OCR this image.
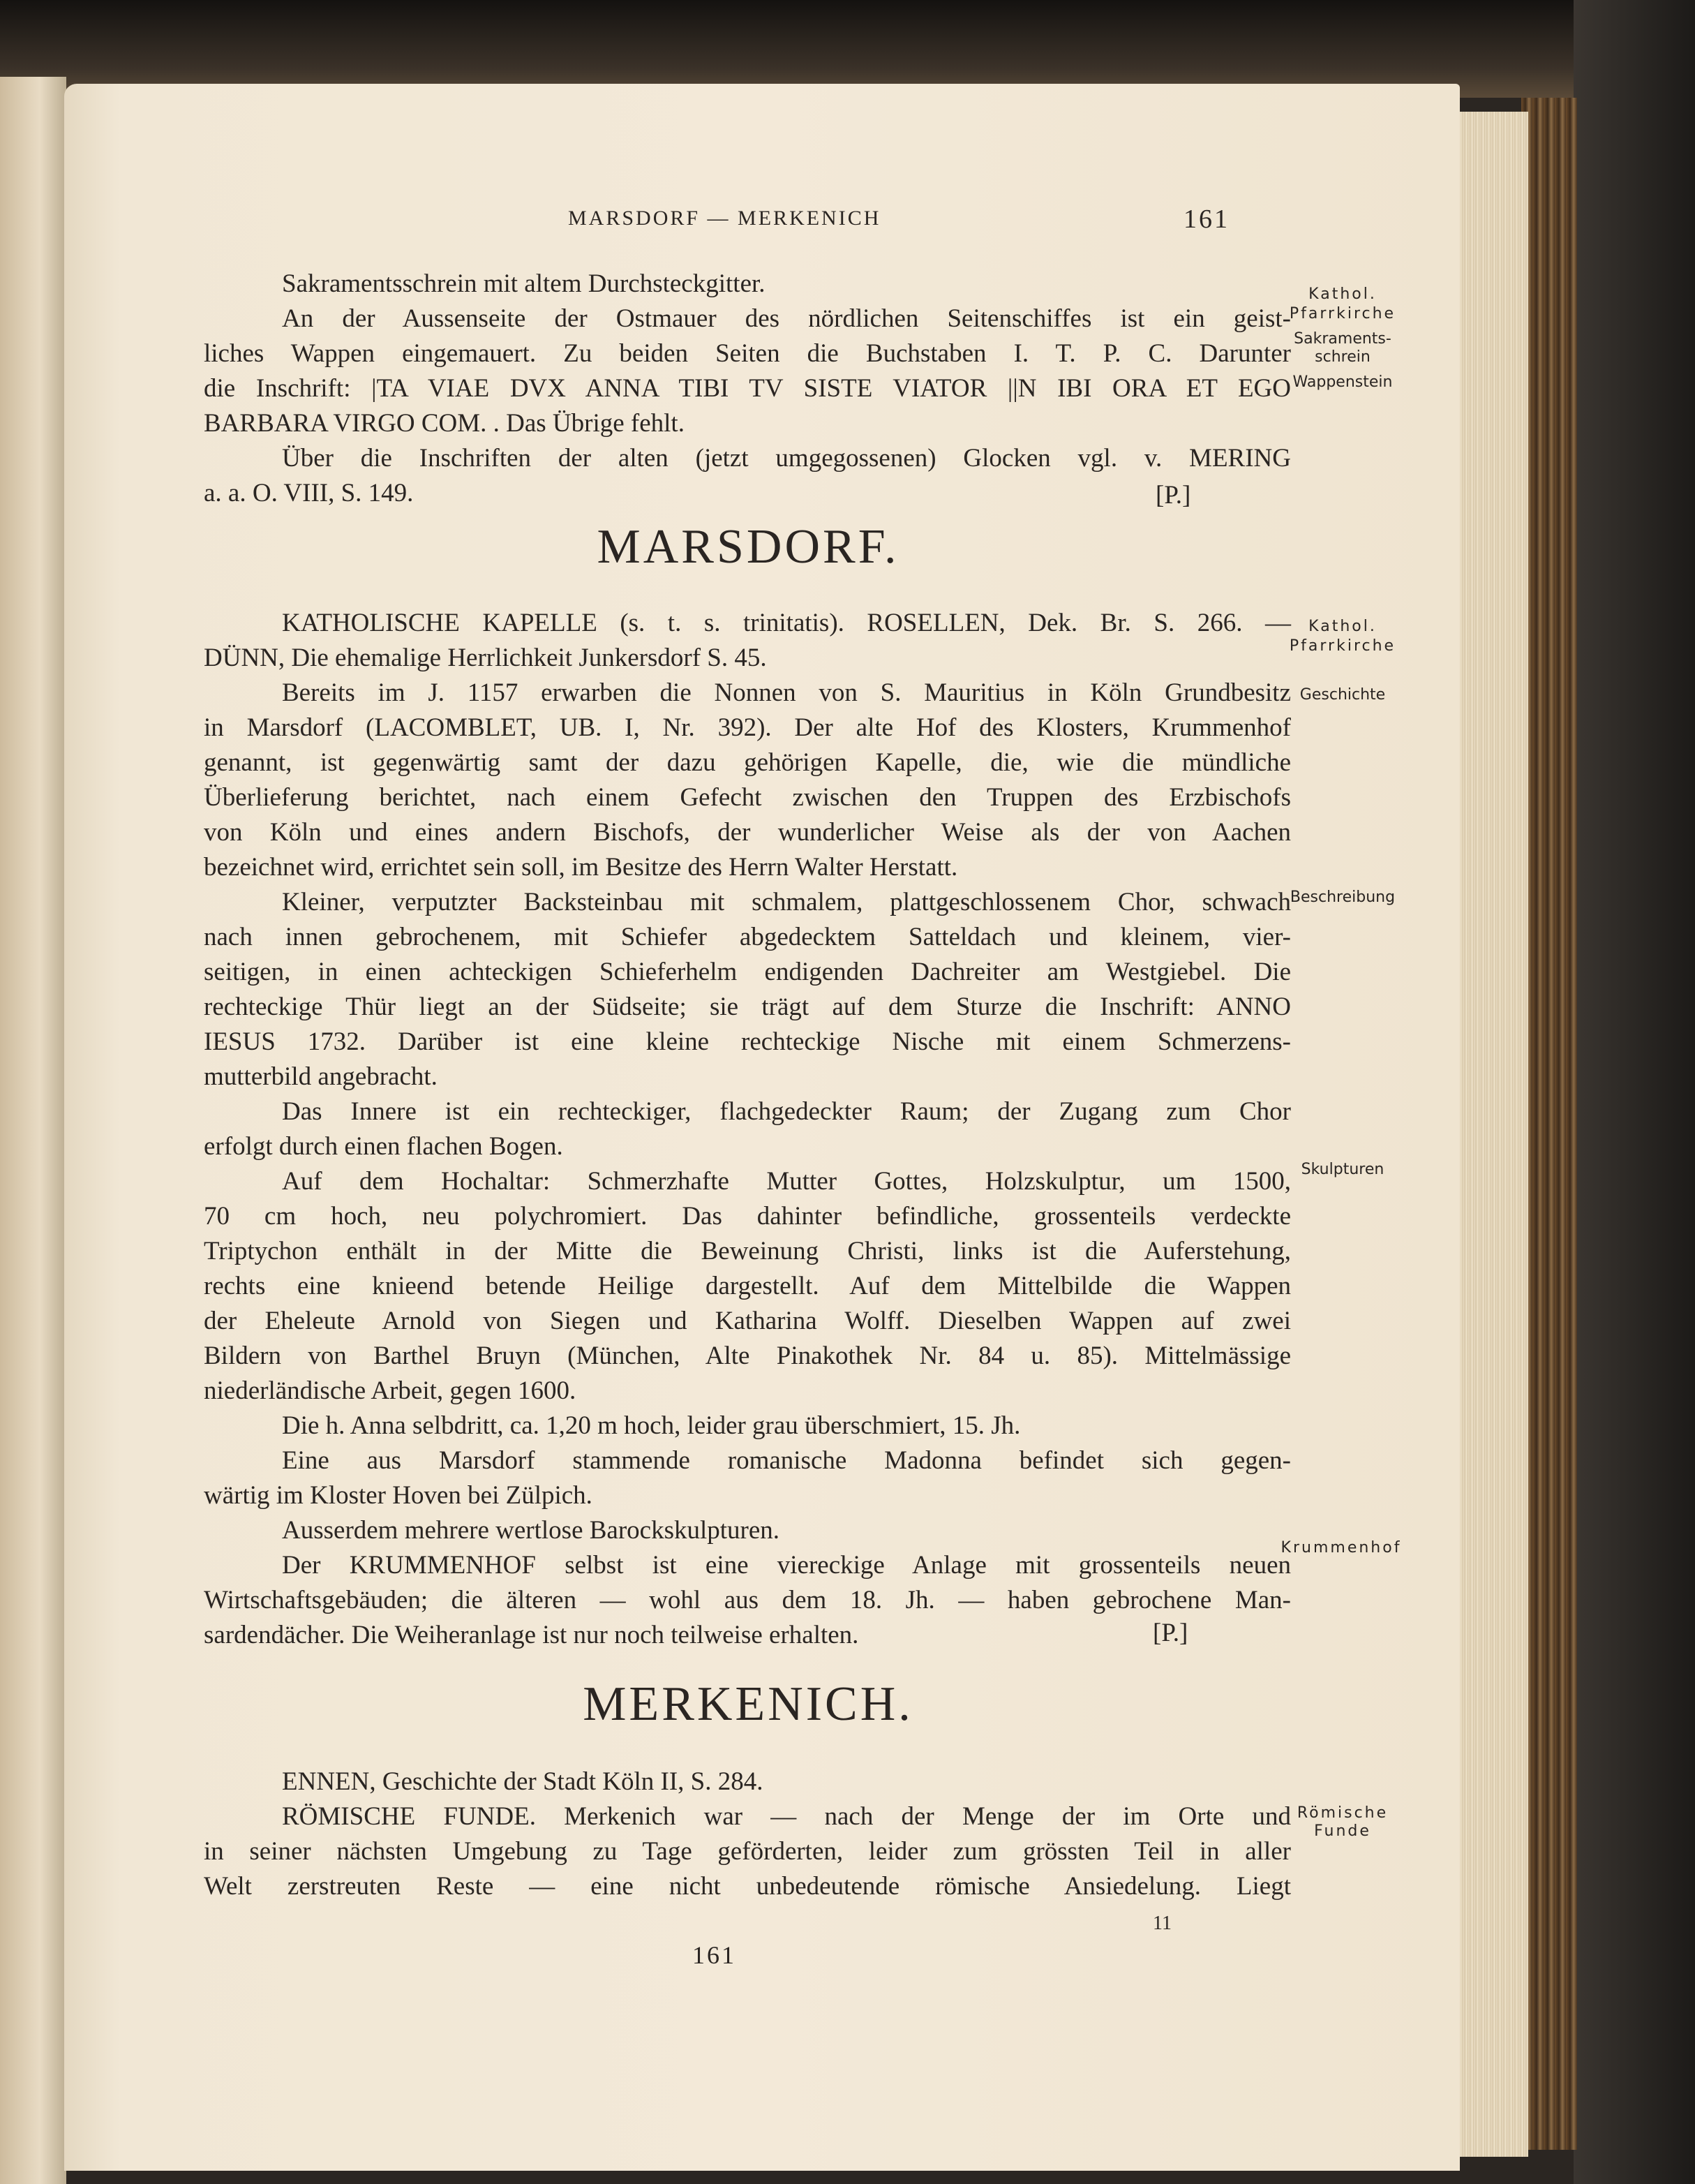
MARSDORF — MERKENICH	161
Sakramentsschrein mit altem Durchsteckgitter.
An der Aussenseite der Ostmauer des nördlichen Seitenschiffes ist ein geist-
liches Wappen eingemauert. Zu beiden Seiten die Buchstaben I. T. P. C. Darunter
die Inschrift: |TA VIAE DVX ANNA TIBI TV SISTE VIATOR ||N IBI ORA ET EGO
BARBARA VIRGO COM. . Das Übrige fehlt.
Über die Inschriften der alten (jetzt umgegossenen) Glocken vgl. v. MERING
a. a. O. VIII, S. 149.	[P.]
MARSDORF.
KATHOLISCHE KAPELLE (s. t. s. trinitatis). ROSELLEN, Dek. Br. S. 266. —
DÜNN, Die ehemalige Herrlichkeit Junkersdorf S. 45.
Bereits im J. 1157 erwarben die Nonnen von S. Mauritius in Köln Grundbesitz
in Marsdorf (LACOMBLET, UB. I, Nr. 392). Der alte Hof des Klosters, Krummenhof
genannt, ist gegenwärtig samt der dazu gehörigen Kapelle, die, wie die mündliche
Überlieferung berichtet, nach einem Gefecht zwischen den Truppen des Erzbischofs
von Köln und eines andern Bischofs, der wunderlicher Weise als der von Aachen
bezeichnet wird, errichtet sein soll, im Besitze des Herrn Walter Herstatt.
Kleiner, verputzter Backsteinbau mit schmalem, plattgeschlossenem Chor, schwach
nach innen gebrochenem, mit Schiefer abgedecktem Satteldach und kleinem, vier-
seitigen, in einen achteckigen Schieferhelm endigenden Dachreiter am Westgiebel. Die
rechteckige Thür liegt an der Südseite; sie trägt auf dem Sturze die Inschrift: ANNO
IESUS 1732. Darüber ist eine kleine rechteckige Nische mit einem Schmerzens-
mutterbild angebracht.
Das Innere ist ein rechteckiger, flachgedeckter Raum; der Zugang zum Chor
erfolgt durch einen flachen Bogen.
Auf dem Hochaltar: Schmerzhafte Mutter Gottes, Holzskulptur, um 1500,
70 cm hoch, neu polychromiert. Das dahinter befindliche, grossenteils verdeckte
Triptychon enthält in der Mitte die Beweinung Christi, links ist die Auferstehung,
rechts eine knieend betende Heilige dargestellt. Auf dem Mittelbilde die Wappen
der Eheleute Arnold von Siegen und Katharina Wolff. Dieselben Wappen auf zwei
Bildern von Barthel Bruyn (München, Alte Pinakothek Nr. 84 u. 85). Mittelmässige
niederländische Arbeit, gegen 1600.
Die h. Anna selbdritt, ca. 1,20 m hoch, leider grau überschmiert, 15. Jh.
Eine aus Marsdorf stammende romanische Madonna befindet sich gegen-
wärtig im Kloster Hoven bei Zülpich.
Ausserdem mehrere wertlose Barockskulpturen.
Der KRUMMENHOF selbst ist eine viereckige Anlage mit grossenteils neuen
Wirtschaftsgebäuden; die älteren — wohl aus dem 18. Jh. — haben gebrochene Man-
sardendächer. Die Weiheranlage ist nur noch teilweise erhalten.	[P.]
MERKENICH.
ENNEN, Geschichte der Stadt Köln II, S. 284.
RÖMISCHE FUNDE. Merkenich war — nach der Menge der im Orte und
in seiner nächsten Umgebung zu Tage geförderten, leider zum grössten Teil in aller
Welt zerstreuten Reste — eine nicht unbedeutende römische Ansiedelung. Liegt
11
161
Kathol.
Pfarrkirche
Sakraments-
schrein
Wappenstein
Kathol.
Pfarrkirche
Geschichte
Beschreibung
Skulpturen
Krummenhof
Römische
Funde
